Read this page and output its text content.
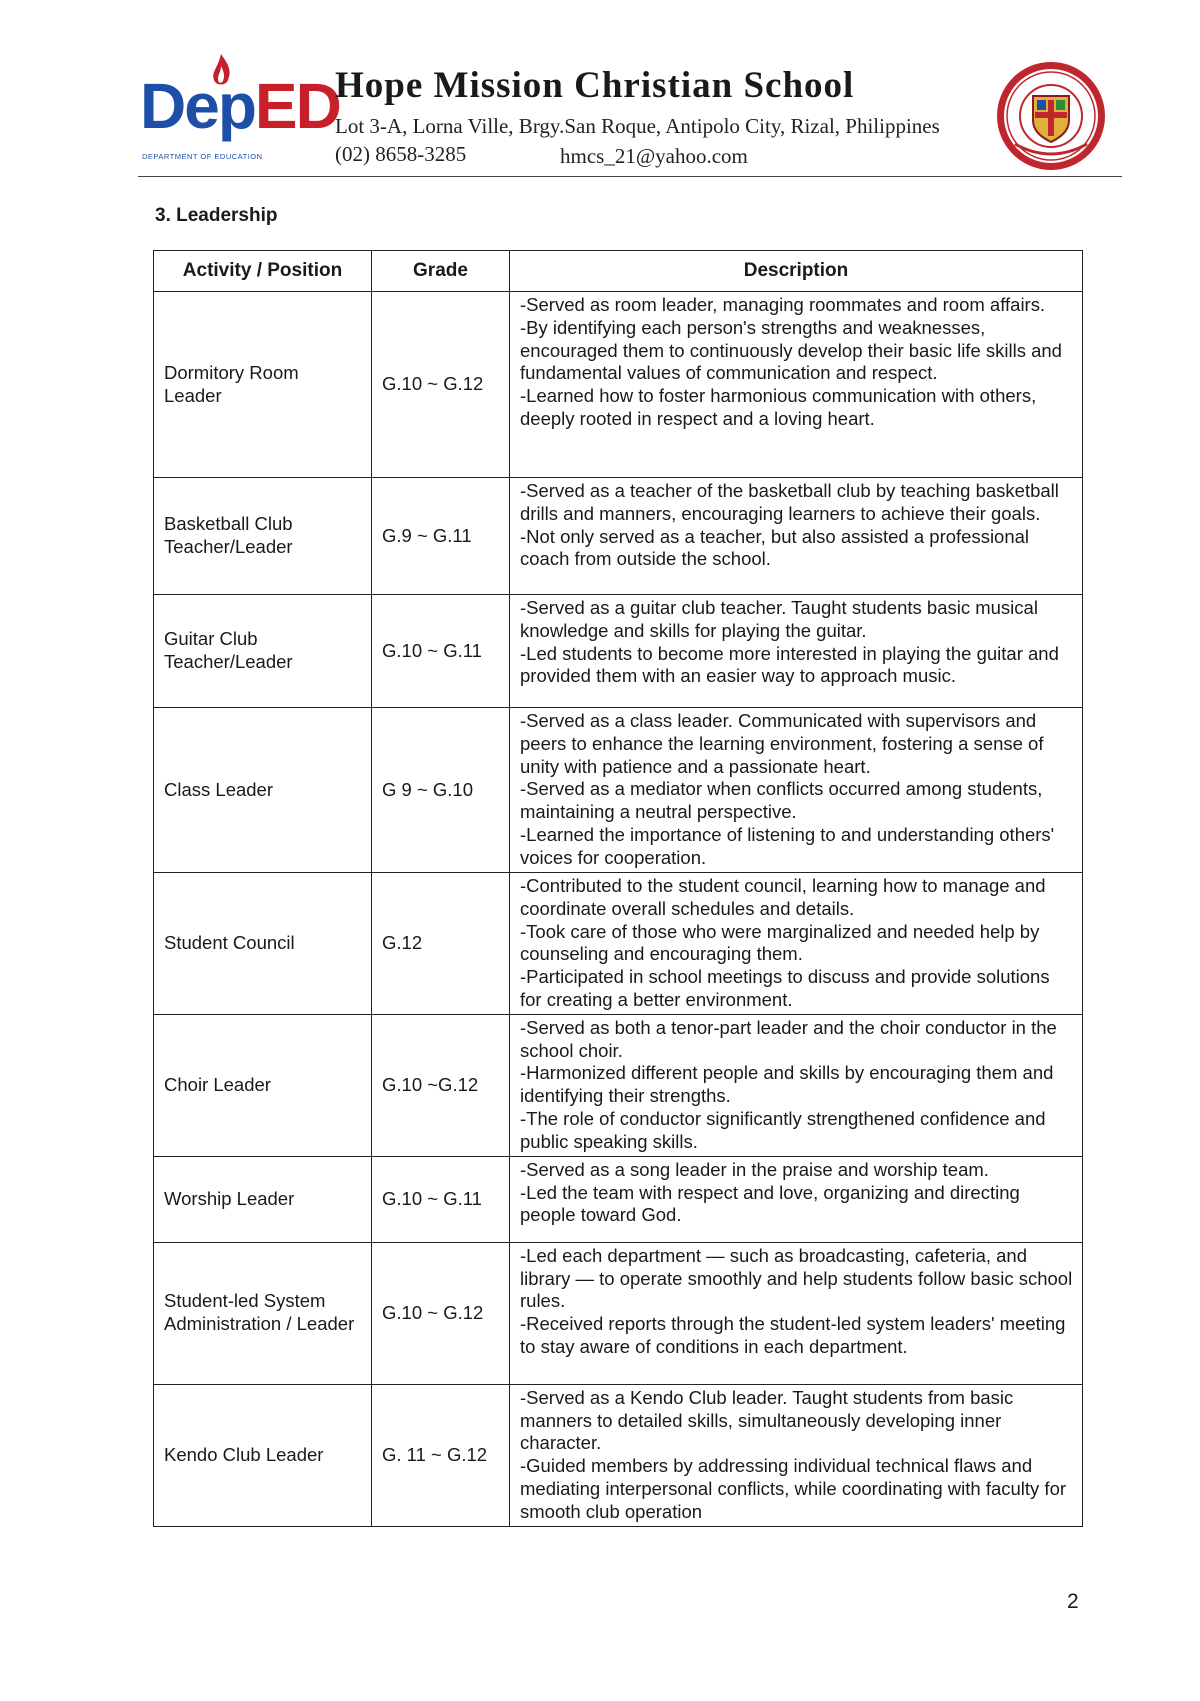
DepED
DEPARTMENT OF EDUCATION
Hope Mission Christian School
Lot 3-A, Lorna Ville, Brgy.San Roque, Antipolo City, Rizal, Philippines
(02) 8658-3285	hmcs_21@yahoo.com
3. Leadership
Activity / Position	Grade	Description
Dormitory Room Leader	G.10 ~ G.12	-Served as room leader, managing roommates and room affairs.
-By identifying each person's strengths and weaknesses, encouraged them to continuously develop their basic life skills and fundamental values of communication and respect.
-Learned how to foster harmonious communication with others, deeply rooted in respect and a loving heart.

Basketball Club Teacher/Leader	G.9 ~ G.11	-Served as a teacher of the basketball club by teaching basketball drills and manners, encouraging learners to achieve their goals.
-Not only served as a teacher, but also assisted a professional coach from outside the school.

Guitar Club Teacher/Leader	G.10 ~ G.11	-Served as a guitar club teacher. Taught students basic musical knowledge and skills for playing the guitar.
-Led students to become more interested in playing the guitar and provided them with an easier way to approach music.

Class Leader	G 9 ~ G.10	-Served as a class leader. Communicated with supervisors and peers to enhance the learning environment, fostering a sense of unity with patience and a passionate heart.
-Served as a mediator when conflicts occurred among students, maintaining a neutral perspective.
-Learned the importance of listening to and understanding others' voices for cooperation.

Student Council	G.12	-Contributed to the student council, learning how to manage and coordinate overall schedules and details.
-Took care of those who were marginalized and needed help by counseling and encouraging them.
-Participated in school meetings to discuss and provide solutions for creating a better environment.

Choir Leader	G.10 ~G.12	-Served as both a tenor-part leader and the choir conductor in the school choir.
-Harmonized different people and skills by encouraging them and identifying their strengths.
-The role of conductor significantly strengthened confidence and public speaking skills.

Worship Leader	G.10 ~ G.11	-Served as a song leader in the praise and worship team.
-Led the team with respect and love, organizing and directing people toward God.

Student-led System Administration / Leader	G.10 ~ G.12	-Led each department — such as broadcasting, cafeteria, and library — to operate smoothly and help students follow basic school rules.
-Received reports through the student-led system leaders' meeting to stay aware of conditions in each department.

Kendo Club Leader	G. 11 ~ G.12	-Served as a Kendo Club leader. Taught students from basic manners to detailed skills, simultaneously developing inner character.
-Guided members by addressing individual technical flaws and mediating interpersonal conflicts, while coordinating with faculty for smooth club operation
2
